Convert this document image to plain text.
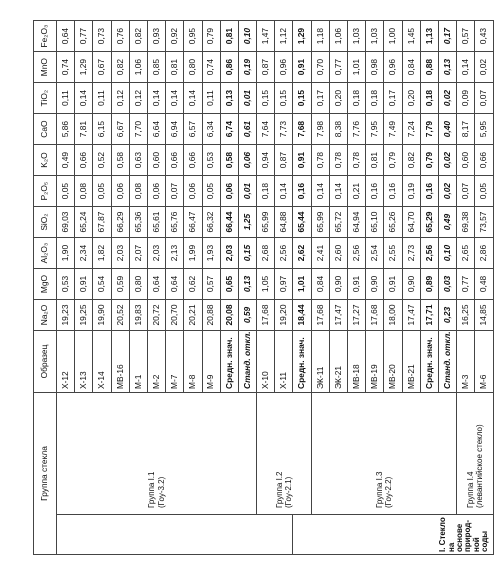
Группа стекла		Образец	Na₂O	MgO	Al₂O₃	SiO₂	P₂O₅	K₂O	CaO	TiO₂	MnO	Fe₂O₃

	Группа I.1 (Гоу-3.2)	Х-12	19,23	0,53	1,90	69,03	0,05	0,49	5,86	0,11	0,74	0,64
		Х-13	19,25	0,91	2,34	65,24	0,08	0,66	7,81	0,14	1,29	0,77
		Х-14	19,90	0,54	1,82	67,87	0,05	0,52	6,15	0,11	0,67	0,73
		МВ-16	20,52	0,59	2,03	66,29	0,06	0,58	6,67	0,12	0,82	0,76
		М-1	19,83	0,80	2,07	65,36	0,08	0,63	7,70	0,12	1,06	0,82
		М-2	20,72	0,64	2,03	65,61	0,06	0,60	6,64	0,14	0,85	0,93
		М-7	20,70	0,64	2,13	65,76	0,07	0,66	6,94	0,14	0,81	0,92
		М-8	20,21	0,62	1,99	66,47	0,06	0,66	6,57	0,14	0,80	0,95
		М-9	20,88	0,57	1,93	66,32	0,05	0,53	6,34	0,11	0,74	0,79
		Средн. знач.	20,08	0,65	2,03	66,44	0,06	0,58	6,74	0,13	0,86	0,81
		Станд. откл.	0,59	0,13	0,15	1,25	0,01	0,06	0,61	0,01	0,19	0,10

	Группа I.2 (Гоу-2.1)	Х-10	17,68	1,05	2,68	65,99	0,18	0,94	7,64	0,15	0,87	1,47
		Х-11	19,20	0,97	2,56	64,88	0,14	0,87	7,73	0,15	0,96	1,12
I. Стекло на основе природ-
ной соды		Средн. знач.	18,44	1,01	2,62	65,44	0,16	0,91	7,68	0,15	0,91	1,29

	Группа I.3 (Гоу-2.2)	ЭК-11	17,68	0,84	2,41	65,99	0,14	0,78	7,98	0,17	0,70	1,18
		ЭК-21	17,47	0,90	2,60	65,72	0,14	0,78	8,38	0,20	0,77	1,06
		МВ-18	17,27	0,91	2,56	64,94	0,21	0,78	7,76	0,18	1,01	1,03
		МВ-19	17,68	0,90	2,54	65,10	0,16	0,81	7,95	0,18	0,98	1,03
		МВ-20	18,00	0,91	2,55	65,26	0,16	0,79	7,49	0,17	0,96	1,00
		МВ-21	17,47	0,90	2,73	64,70	0,19	0,82	7,24	0,20	0,84	1,45
		Средн. знач.	17,71	0,89	2,56	65,29	0,16	0,79	7,79	0,18	0,88	1,13
		Станд. откл.	0,23	0,03	0,10	0,49	0,02	0,02	0,40	0,02	0,13	0,17

	Группа I.4 (левантийское стекло)	М-3	16,25	0,77	2,65	69,38	0,07	0,60	8,17	0,09	0,14	0,57
		М-6	14,85	0,48	2,86	73,57	0,05	0,66	5,95	0,07	0,02	0,43
